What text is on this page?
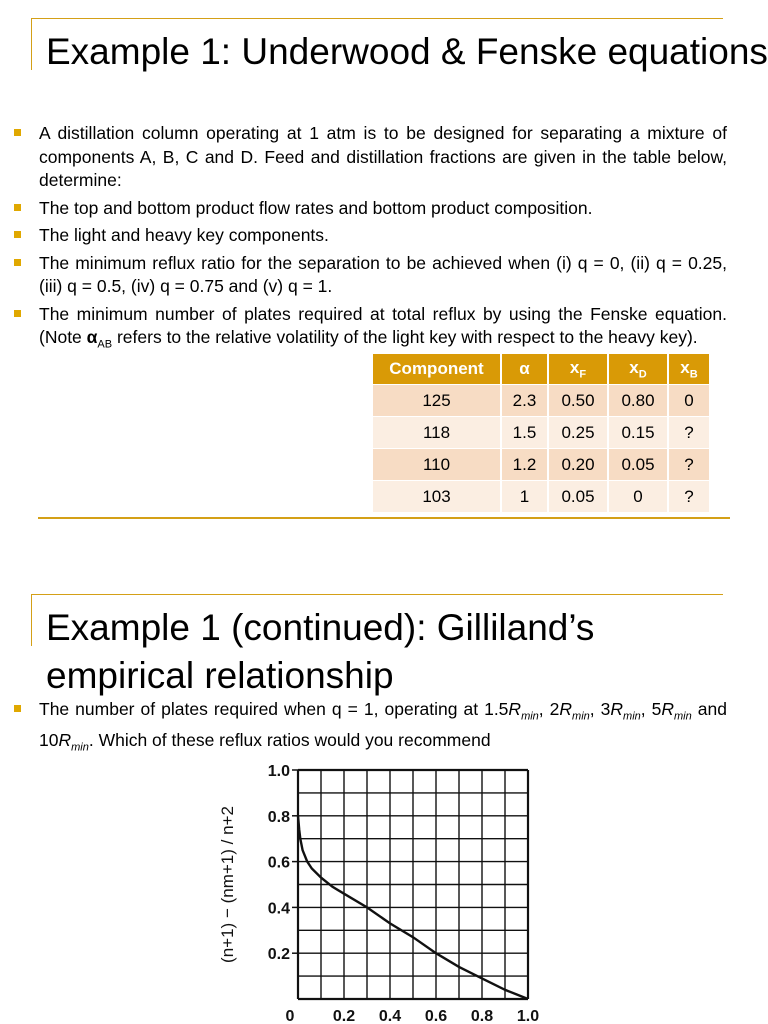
Example 1: Underwood & Fenske equations
A distillation column operating at 1 atm is to be designed for separating a mixture of components A, B, C and D. Feed and distillation fractions are given in the table below, determine:
The top and bottom product flow rates and bottom product composition.
The light and heavy key components.
The minimum reflux ratio for the separation to be achieved when (i) q = 0, (ii) q = 0.25, (iii) q = 0.5, (iv) q = 0.75 and (v) q = 1.
The minimum number of plates required at total reflux by using the Fenske equation. (Note $\alpha_{AB}$ refers to the relative volatility of the light key with respect to the heavy key).
Component	α	$x_F$	$x_D$	$x_B$
125	2.3	0.50	0.80	0
118	1.5	0.25	0.15	?
110	1.2	0.20	0.05	?
103	1	0.05	0	?
Example 1 (continued): Gilliland’s empirical relationship
The number of plates required when q = 1, operating at $1.5R_{min}$, $2R_{min}$, $3R_{min}$, $5R_{min}$ and $10R_{min}$. Which of these reflux ratios would you recommend
0.2
0.4
0.6
0.8
1.0
0 0.2 0.4 0.6 0.8 1.0
(n+1) − (nm+1) / n+2
